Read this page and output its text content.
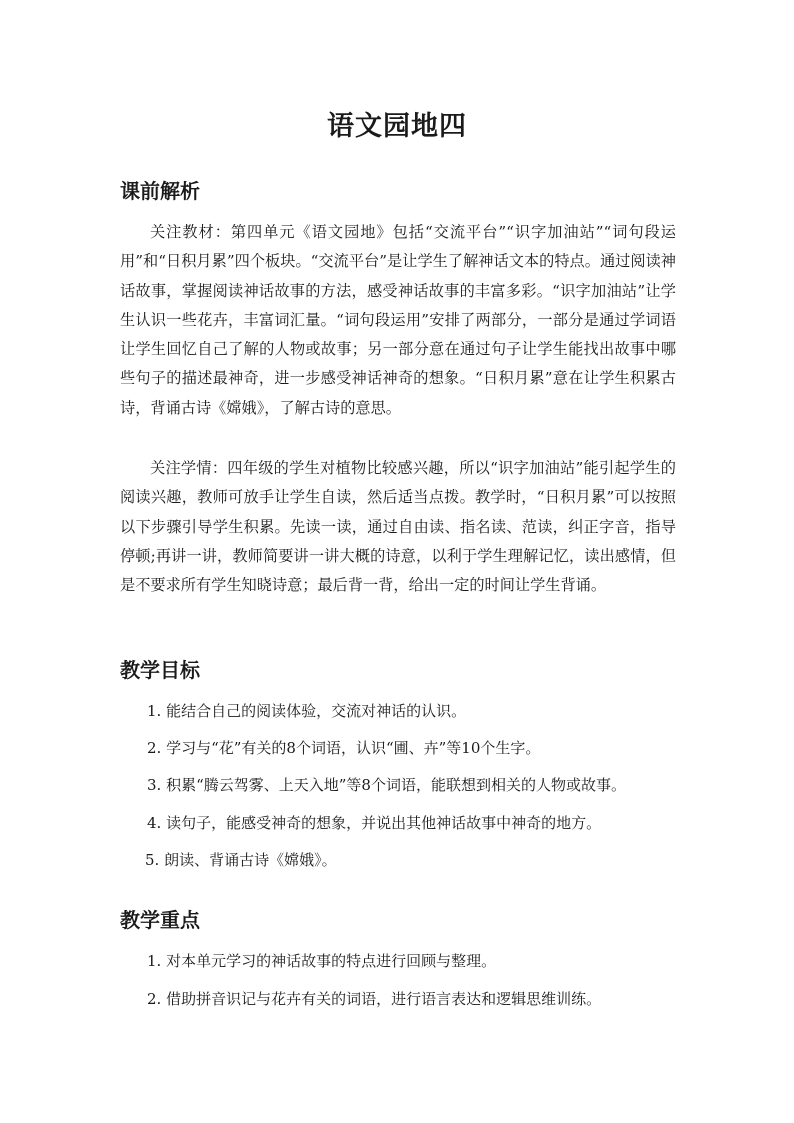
语文园地四
课前解析

关注教材：第四单元《语文园地》包括“交流平台”“识字加油站”“词句段运用”和“日积月累”四个板块。“交流平台”是让学生了解神话文本的特点。通过阅读神话故事，掌握阅读神话故事的方法，感受神话故事的丰富多彩。“识字加油站”让学生认识一些花卉，丰富词汇量。“词句段运用”安排了两部分，一部分是通过学词语让学生回忆自己了解的人物或故事；另一部分意在通过句子让学生能找出故事中哪些句子的描述最神奇，进一步感受神话神奇的想象。“日积月累”意在让学生积累古诗，背诵古诗《嫦娥》，了解古诗的意思。

关注学情：四年级的学生对植物比较感兴趣，所以“识字加油站”能引起学生的阅读兴趣，教师可放手让学生自读，然后适当点拨。教学时，“日积月累”可以按照以下步骤引导学生积累。先读一读，通过自由读、指名读、范读，纠正字音，指导停顿;再讲一讲，教师简要讲一讲大概的诗意，以利于学生理解记忆，读出感情，但是不要求所有学生知晓诗意；最后背一背，给出一定的时间让学生背诵。

教学目标
1. 能结合自己的阅读体验，交流对神话的认识。
2. 学习与“花”有关的8个词语，认识“圃、卉”等10个生字。
3. 积累“腾云驾雾、上天入地”等8个词语，能联想到相关的人物或故事。
4. 读句子，能感受神奇的想象，并说出其他神话故事中神奇的地方。
5. 朗读、背诵古诗《嫦娥》。
教学重点
1. 对本单元学习的神话故事的特点进行回顾与整理。
2. 借助拼音识记与花卉有关的词语，进行语言表达和逻辑思维训练。
